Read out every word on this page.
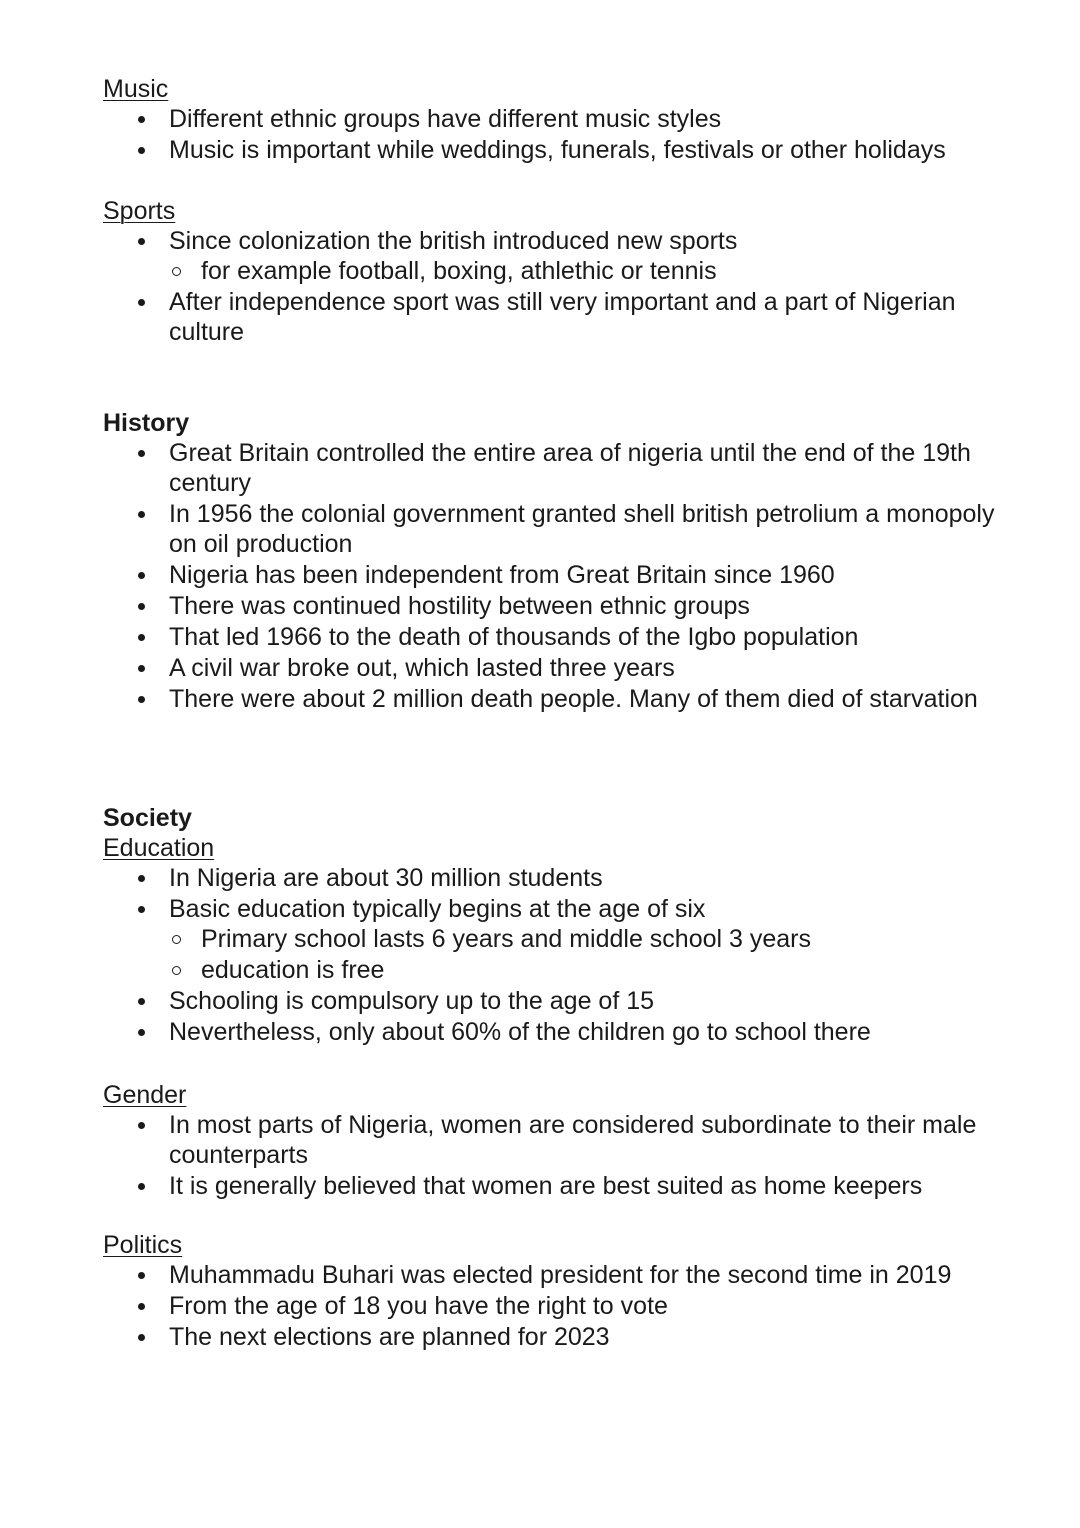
Music
Different ethnic groups have different music styles
Music is important while weddings, funerals, festivals or other holidays
Sports
Since colonization the british introduced new sports
for example football, boxing, athlethic or tennis
After independence sport was still very important and a part of Nigerian culture
History
Great Britain controlled the entire area of nigeria until the end of the 19th century
In 1956 the colonial government granted shell british petrolium a monopoly on oil production
Nigeria has been independent from Great Britain since 1960
There was continued hostility between ethnic groups
That led 1966 to the death of thousands of the Igbo population
A civil war broke out, which lasted three years
There were about 2 million death people. Many of them died of starvation
Society
Education
In Nigeria are about 30 million students
Basic education typically begins at the age of six
Primary school lasts 6 years and middle school 3 years
education is free
Schooling is compulsory up to the age of 15
Nevertheless, only about 60% of the children go to school there
Gender
In most parts of Nigeria, women are considered subordinate to their male counterparts
It is generally believed that women are best suited as home keepers
Politics
Muhammadu Buhari was elected president for the second time in 2019
From the age of 18 you have the right to vote
The next elections are planned for 2023
